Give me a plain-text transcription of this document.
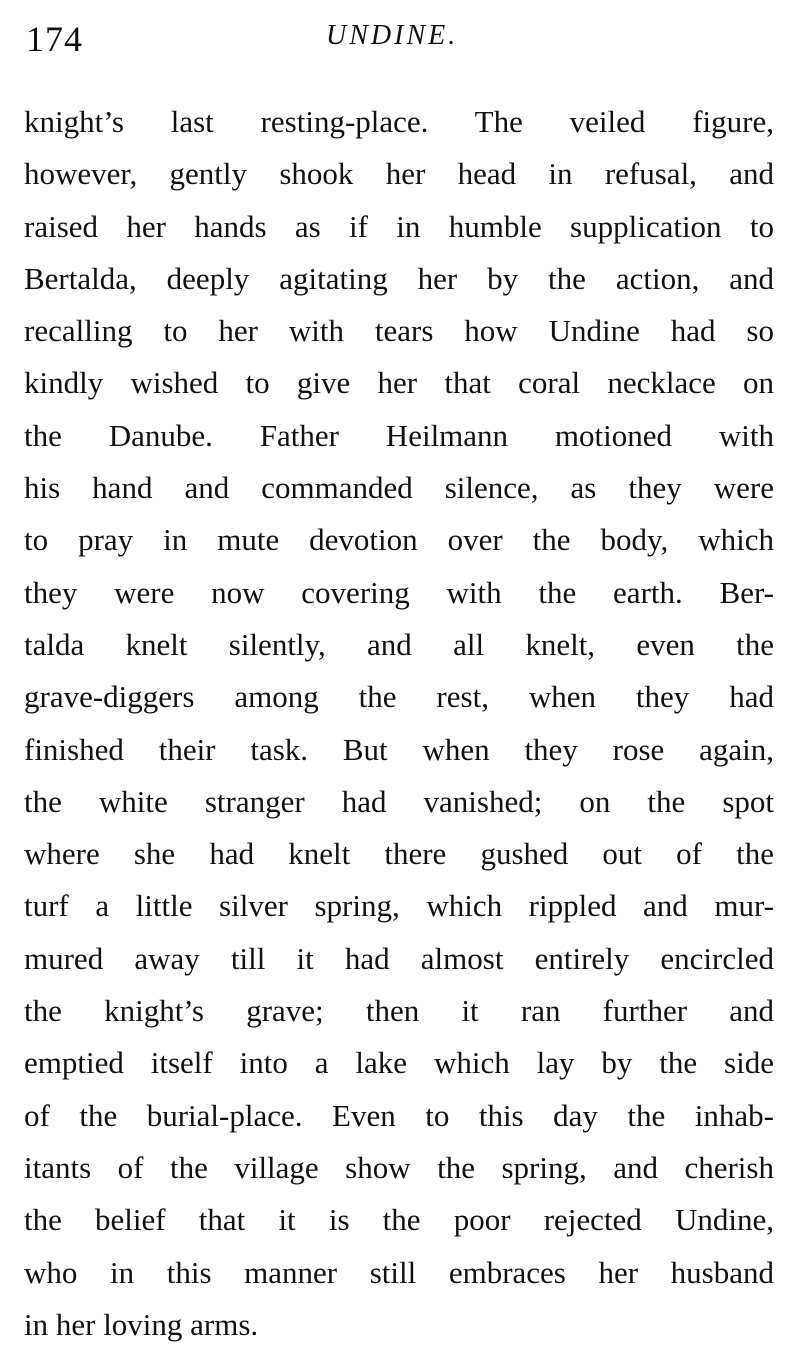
174	UNDINE.
knight’s last resting-place. The veiled figure,
however, gently shook her head in refusal, and
raised her hands as if in humble supplication to
Bertalda, deeply agitating her by the action, and
recalling to her with tears how Undine had so
kindly wished to give her that coral necklace on
the Danube. Father Heilmann motioned with
his hand and commanded silence, as they were
to pray in mute devotion over the body, which
they were now covering with the earth. Ber-
talda knelt silently, and all knelt, even the
grave-diggers among the rest, when they had
finished their task. But when they rose again,
the white stranger had vanished; on the spot
where she had knelt there gushed out of the
turf a little silver spring, which rippled and mur-
mured away till it had almost entirely encircled
the knight’s grave; then it ran further and
emptied itself into a lake which lay by the side
of the burial-place. Even to this day the inhab-
itants of the village show the spring, and cherish
the belief that it is the poor rejected Undine,
who in this manner still embraces her husband
in her loving arms.
